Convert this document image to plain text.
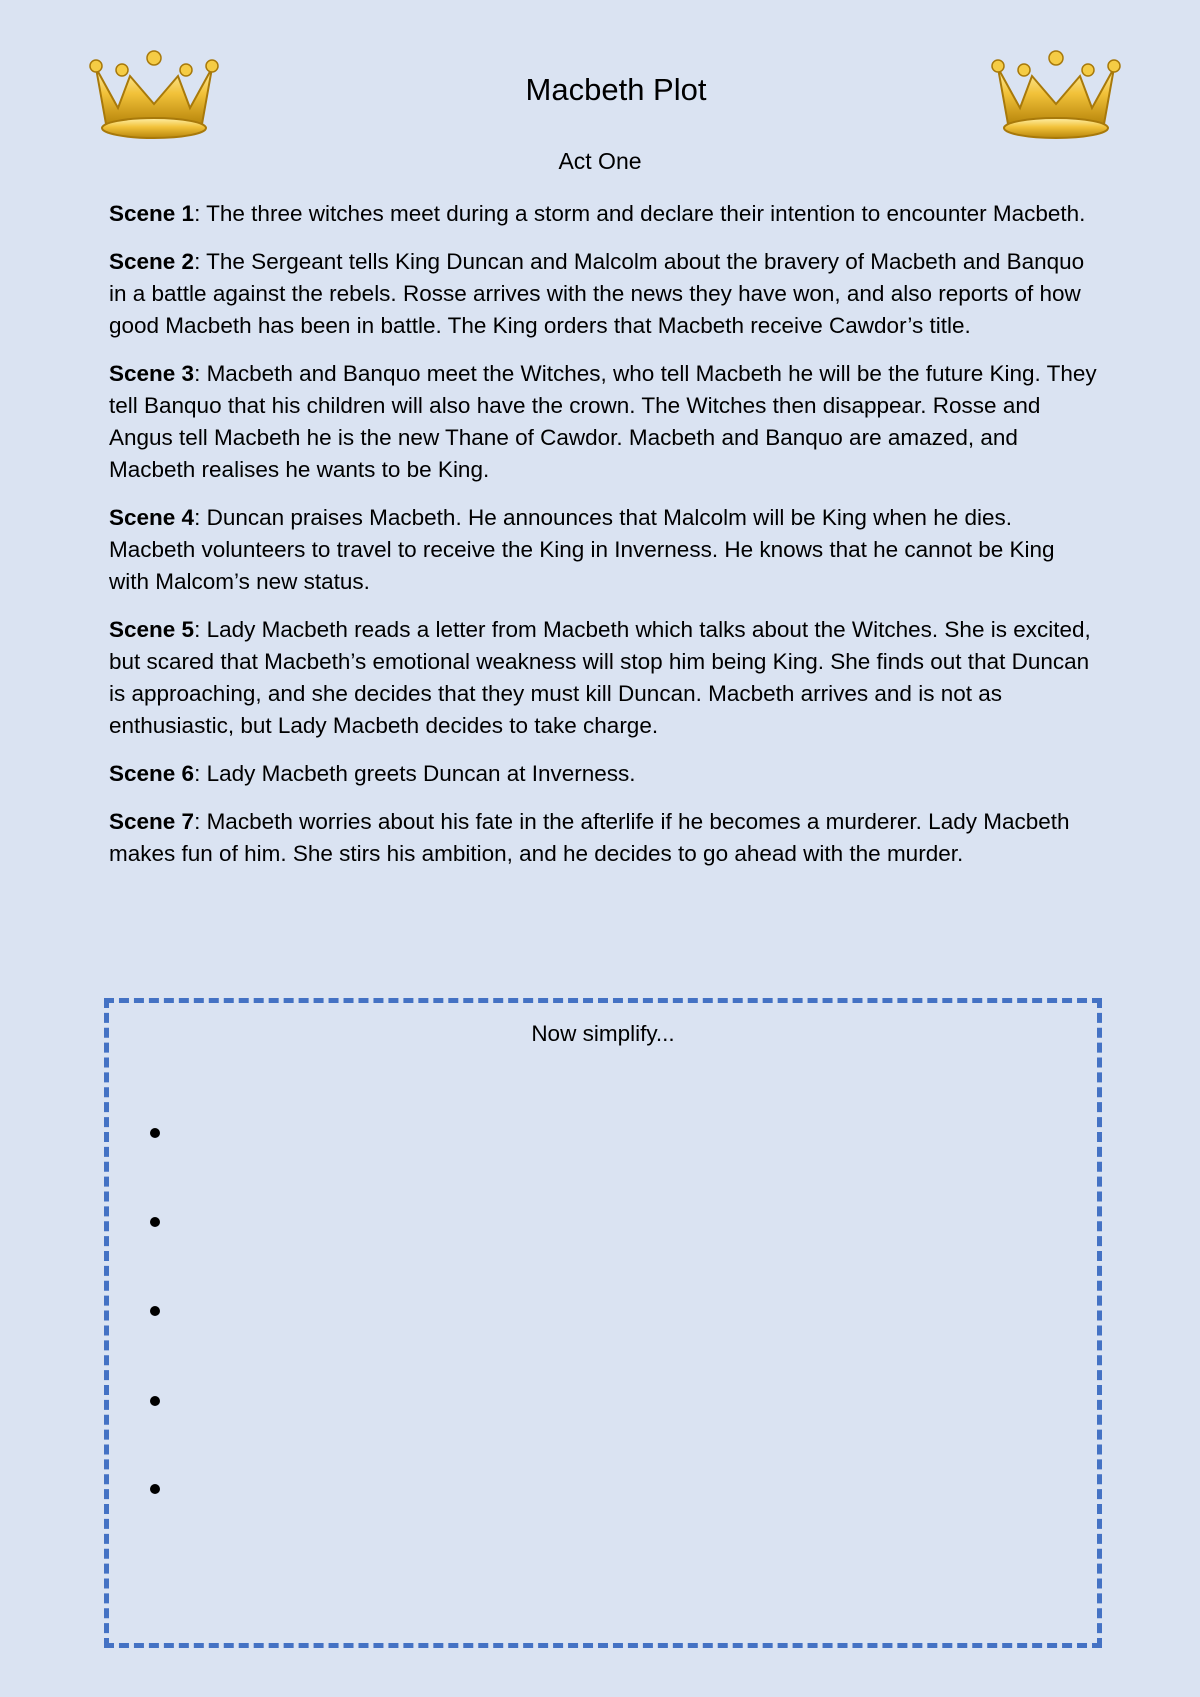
Macbeth Plot
Act One

Scene 1: The three witches meet during a storm and declare their intention to encounter Macbeth.

Scene 2: The Sergeant tells King Duncan and Malcolm about the bravery of Macbeth and Banquo in a battle against the rebels. Rosse arrives with the news they have won, and also reports of how good Macbeth has been in battle. The King orders that Macbeth receive Cawdor’s title.

Scene 3: Macbeth and Banquo meet the Witches, who tell Macbeth he will be the future King. They tell Banquo that his children will also have the crown. The Witches then disappear. Rosse and Angus tell Macbeth he is the new Thane of Cawdor. Macbeth and Banquo are amazed, and Macbeth realises he wants to be King.

Scene 4: Duncan praises Macbeth. He announces that Malcolm will be King when he dies. Macbeth volunteers to travel to receive the King in Inverness. He knows that he cannot be King with Malcom’s new status.

Scene 5: Lady Macbeth reads a letter from Macbeth which talks about the Witches. She is excited, but scared that Macbeth’s emotional weakness will stop him being King. She finds out that Duncan is approaching, and she decides that they must kill Duncan. Macbeth arrives and is not as enthusiastic, but Lady Macbeth decides to take charge.

Scene 6: Lady Macbeth greets Duncan at Inverness.

Scene 7: Macbeth worries about his fate in the afterlife if he becomes a murderer. Lady Macbeth makes fun of him. She stirs his ambition, and he decides to go ahead with the murder.

Now simplify...
